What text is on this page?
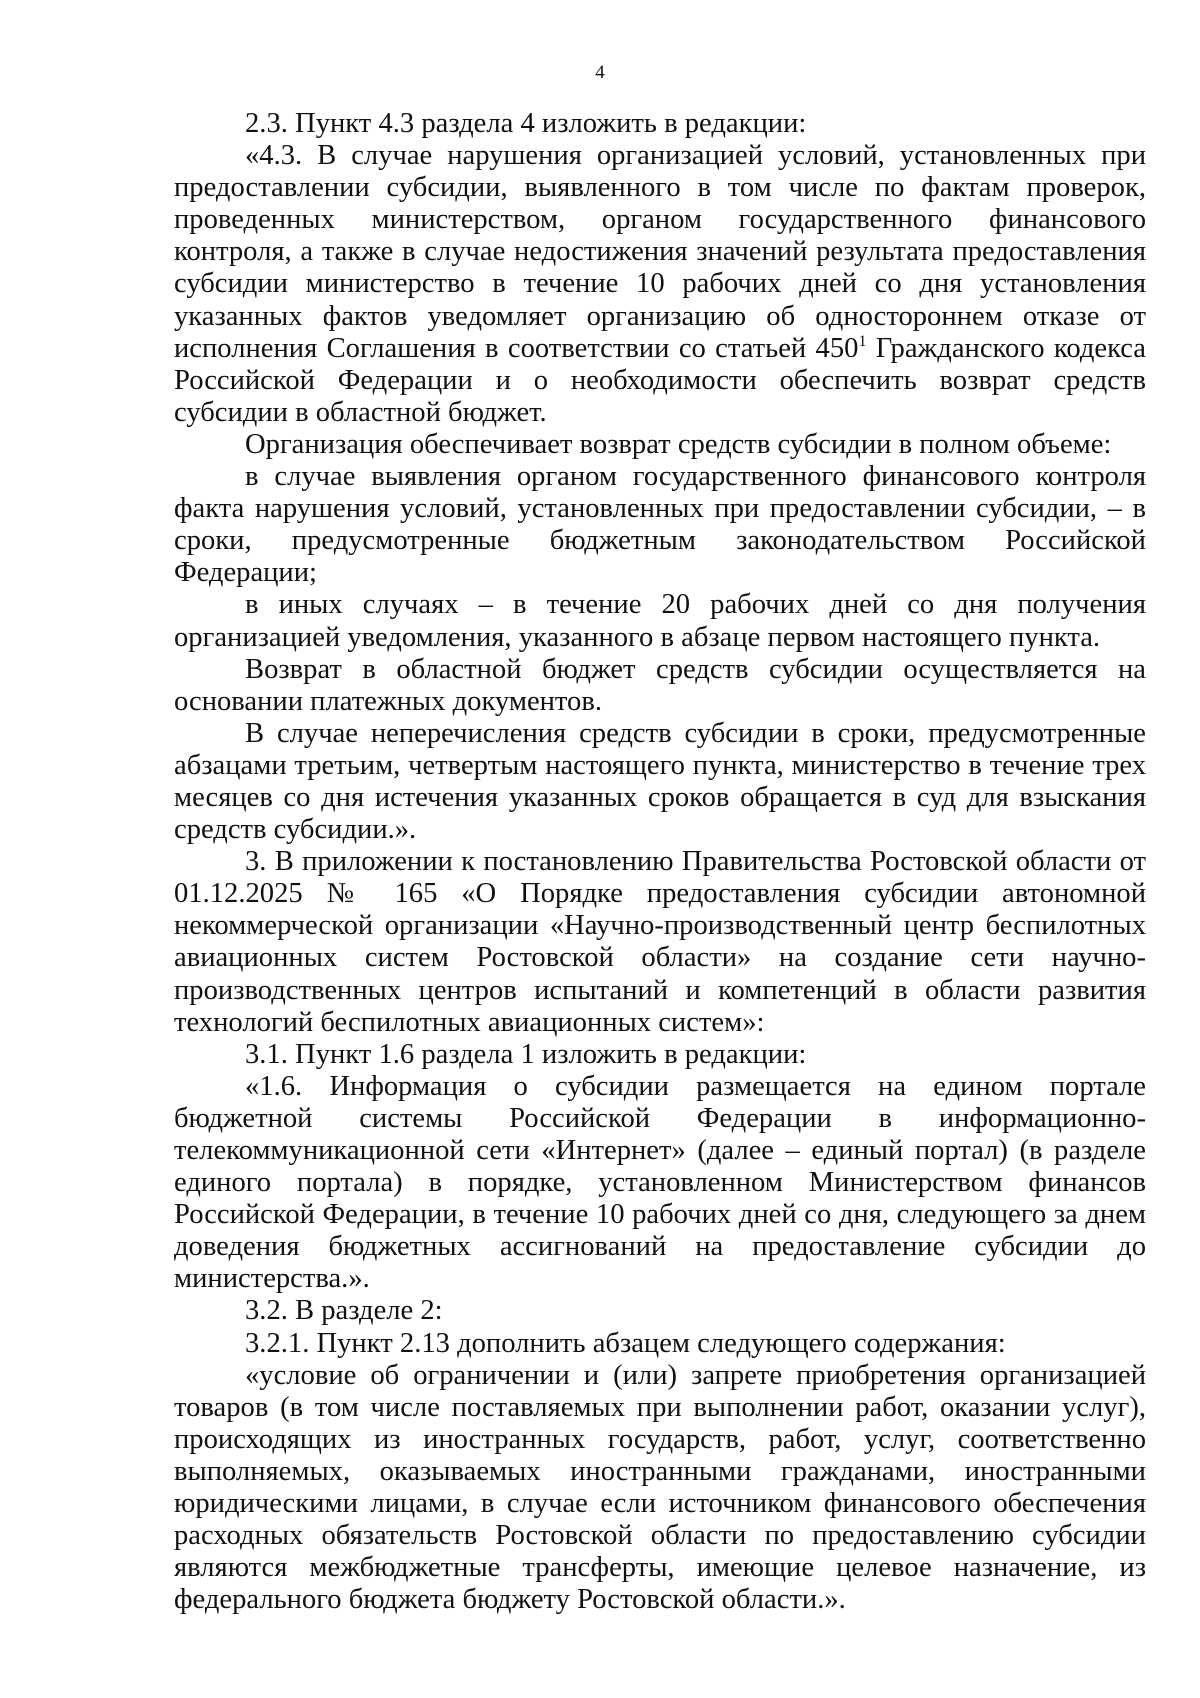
4

2.3. Пункт 4.3 раздела 4 изложить в редакции:

«4.3. В случае нарушения организацией условий, установленных при предоставлении субсидии, выявленного в том числе по фактам проверок, проведенных министерством, органом государственного финансового контроля, а также в случае недостижения значений результата предоставления субсидии министерство в течение 10 рабочих дней со дня установления указанных фактов уведомляет организацию об одностороннем отказе от исполнения Соглашения в соответствии со статьей $450^1$ Гражданского кодекса Российской Федерации и о необходимости обеспечить возврат средств субсидии в областной бюджет.

Организация обеспечивает возврат средств субсидии в полном объеме:

в случае выявления органом государственного финансового контроля факта нарушения условий, установленных при предоставлении субсидии, – в сроки, предусмотренные бюджетным законодательством Российской Федерации;

в иных случаях – в течение 20 рабочих дней со дня получения организацией уведомления, указанного в абзаце первом настоящего пункта.

Возврат в областной бюджет средств субсидии осуществляется на основании платежных документов.

В случае неперечисления средств субсидии в сроки, предусмотренные абзацами третьим, четвертым настоящего пункта, министерство в течение трех месяцев со дня истечения указанных сроков обращается в суд для взыскания средств субсидии.».

3. В приложении к постановлению Правительства Ростовской области от 01.12.2025 № 165 «О Порядке предоставления субсидии автономной некоммерческой организации «Научно-производственный центр беспилотных авиационных систем Ростовской области» на создание сети научно-производственных центров испытаний и компетенций в области развития технологий беспилотных авиационных систем»:

3.1. Пункт 1.6 раздела 1 изложить в редакции:

«1.6. Информация о субсидии размещается на едином портале бюджетной системы Российской Федерации в информационно-телекоммуникационной сети «Интернет» (далее – единый портал) (в разделе единого портала) в порядке, установленном Министерством финансов Российской Федерации, в течение 10 рабочих дней со дня, следующего за днем доведения бюджетных ассигнований на предоставление субсидии до министерства.».

3.2. В разделе 2:

3.2.1. Пункт 2.13 дополнить абзацем следующего содержания:

«условие об ограничении и (или) запрете приобретения организацией товаров (в том числе поставляемых при выполнении работ, оказании услуг), происходящих из иностранных государств, работ, услуг, соответственно выполняемых, оказываемых иностранными гражданами, иностранными юридическими лицами, в случае если источником финансового обеспечения расходных обязательств Ростовской области по предоставлению субсидии являются межбюджетные трансферты, имеющие целевое назначение, из федерального бюджета бюджету Ростовской области.».
